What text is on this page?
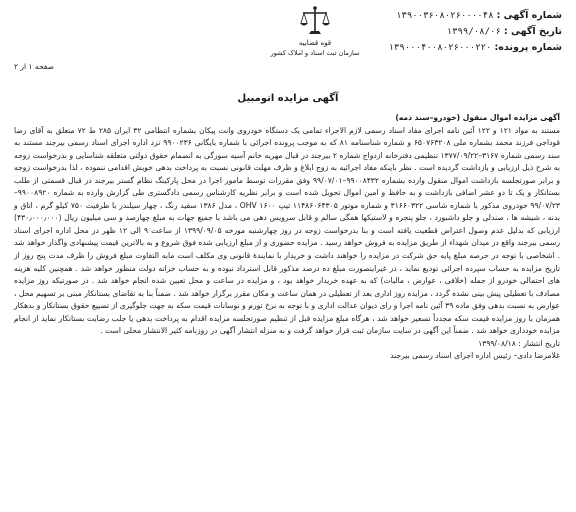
شماره آگهی : ۱۳۹۰۰۳۶۰۸۰۲۶۰۰۰۰۴۸
تاریخ آگهی : ۱۳۹۹/۰۸/۰۶
شماره پرونده: ۱۳۹۰۰۰۴۰۰۸۰۲۶۰۰۰۲۲۰
قوه قضاییه
سازمان ثبت اسناد و املاک کشور
صفحه ۱ از ۲
آگهی مزایده اتومبیل

آگهی مزایده اموال منقول (خودرو–سند ذمه)

مستند به مواد ۱۲۱ و ۱۲۲ آئین نامه اجرای مفاد اسناد رسمی لازم الاجراء تمامی یک دستگاه خودروی وانت پیکان بشماره انتظامی ۳۲ ایران ۲۸۵ ط ۷۲ متعلق به آقای رضا قوداجی فرزند محمد بشماره ملی ۶۵۰۷۶۳۲۰۸ و شماره شناسنامه ۸۱ که به موجب پرونده اجرائی با شماره بایگانی ۹۹۰۰۲۳۶ نزد اداره اجرای اسناد رسمی بیرجند مستند به سند رسمی شماره ۳۱۶۷–۱۳۷۷/۰۹/۲۲ تنظیمی دفترخانه ازدواج شماره ۲ بیرجند در قبال مهریه خانم آسیه سورگی به انضمام حقوق دولتی متعلقه شناسایی و بدرخواست زوجه به شرح ذیل ارزیابی و بازداشت گردیده است . نظر باینکه مفاد اجرائیه به زوج ابلاغ و ظرف مهلت قانونی نسبت به پرداخت بدهی خویش اقدامی ننموده ، لذا بدرخواست زوجه و برابر صورتجلسه بازداشت اموال منقول وارده بشماره ۹۹۰۰۸۴۳۲–۹۹/۰۷/۰۱ وفق مقررات توسط مامور اجرا در محل پارکینگ نظام گستر بیرجند در قبال قسمتی از طلب بستانکار و یک تا دو عشر اضافی بازداشت و به حافظ و امین اموال تحویل شده است و برابر نظریه کارشناس رسمی دادگستری طی گزارش وارده به شماره ۹۹۰۰۸۹۲۰–۹۹/۰۷/۲۳ خودروی مذکور با شماره شاسی ۳۱۶۶۰۳۲۲ و شماره موتور ۱۱۴۸۶۰۶۴۳۰۵ تیپ OHV ۱۶۰۰ ، مدل ۱۳۸۶ سفید رنگ ، چهار سیلندر با ظرفیت ۷۵۰ کیلو گرم ، اتاق و بدنه ، شیشه ها ، صندلی و جلو داشبورد ، جلو پنجره و لاستیکها همگی سالم و قابل سرویس دهی می باشد با جمیع جهات به مبلغ چهارصد و سی میلیون ریال (۴۳۰٫۰۰۰٫۰۰۰) ارزیابی که بدلیل عدم وصول اعتراض قطعیت یافته است و بنا بدرخواست زوجه در روز چهارشنبه مورخه ۱۳۹۹/۰۹/۰۵ از ساعت ۹ الی ۱۲ ظهر در محل اداره اجرای اسناد رسمی بیرجند واقع در میدان شهداء از طریق مزایده به فروش خواهد رسید . مزایده حضوری و از مبلغ ارزیابی شده فوق شروع و به بالاترین قیمت پیشنهادی واگذار خواهد شد . اشخاصی با توجه در حرصه مبلغ پایه حق شرکت در مزایده را خواهند داشت و خریدار با نمایندۀ قانونی وی مکلف است مابه التفاوت مبلغ فروش را ظرف مدت پنج روز از تاریخ مزایده به حساب سپرده اجرائی تودیع نماید ، در غیراینصورت مبلغ ده درصد مذکور قابل استرداد نبوده و به حساب خزانه دولت منظور خواهد شد . همچنین کلیه هزینه های احتمالی خودرو از جمله (خلافی ، عوارض ، مالیات) که به عهده خریدار خواهد بود ، و مزایده در ساعت و محل تعیین شده انجام خواهد شد . در صورتیکه روز مزایده مصادف با تعطیلی پیش بینی نشده گردد ، مزایده روز اداری بعد از تعطیلی در همان ساعت و مکان مقرر برگزار خواهد شد . ضمناً بنا به تقاضای بستانکار مبنی بر تسهیم محل ، عوارض به نسبت بدهی وفق ماده ۳۹ آئین نامه اجرا و رای دیوان عدالت اداری و با توجه به نرخ تورم و نوسانات قیمت سکه به جهت جلوگیری از تضییع حقوق بستانکار و بدهکار همزمان با روز مزایده قیمت سکه مجدداً تسعیر خواهد شد ، هرگاه مبلغ مزایده قبل از تنظیم صورتجلسه مزایده اقدام به پرداخت بدهی یا جلب رضایت بستانکار نماید از انجام مزایده خودداری خواهد شد . ضمناً این آگهی در سایت سازمان ثبت قرار خواهد گرفت و به منزله انتشار آگهی در روزنامه کثیر الانتشار محلی است .

تاریخ انتشار : ۱۳۹۹/۰۸/۱۸

غلامرضا دادی– رئیس اداره اجرای اسناد رسمی بیرجند
